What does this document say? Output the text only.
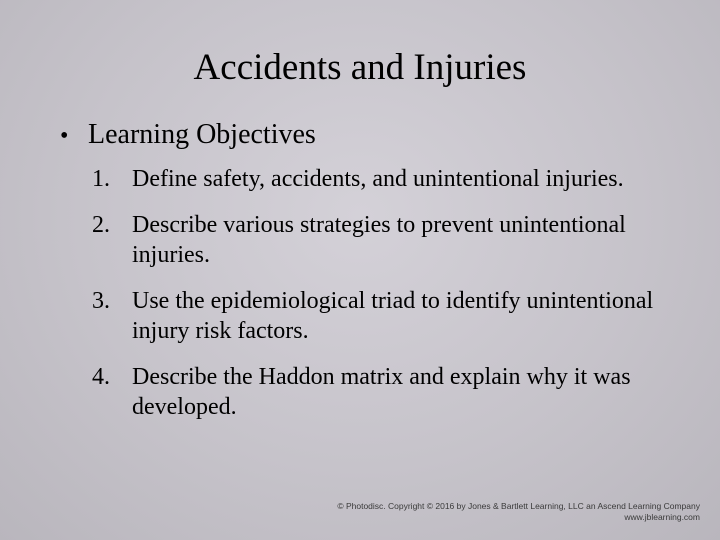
Accidents and Injuries
• Learning Objectives
1. Define safety, accidents, and unintentional injuries.
2. Describe various strategies to prevent unintentional injuries.
3. Use the epidemiological triad to identify unintentional injury risk factors.
4. Describe the Haddon matrix and explain why it was developed.
© Photodisc. Copyright © 2016 by Jones & Bartlett Learning, LLC an Ascend Learning Company
www.jblearning.com
